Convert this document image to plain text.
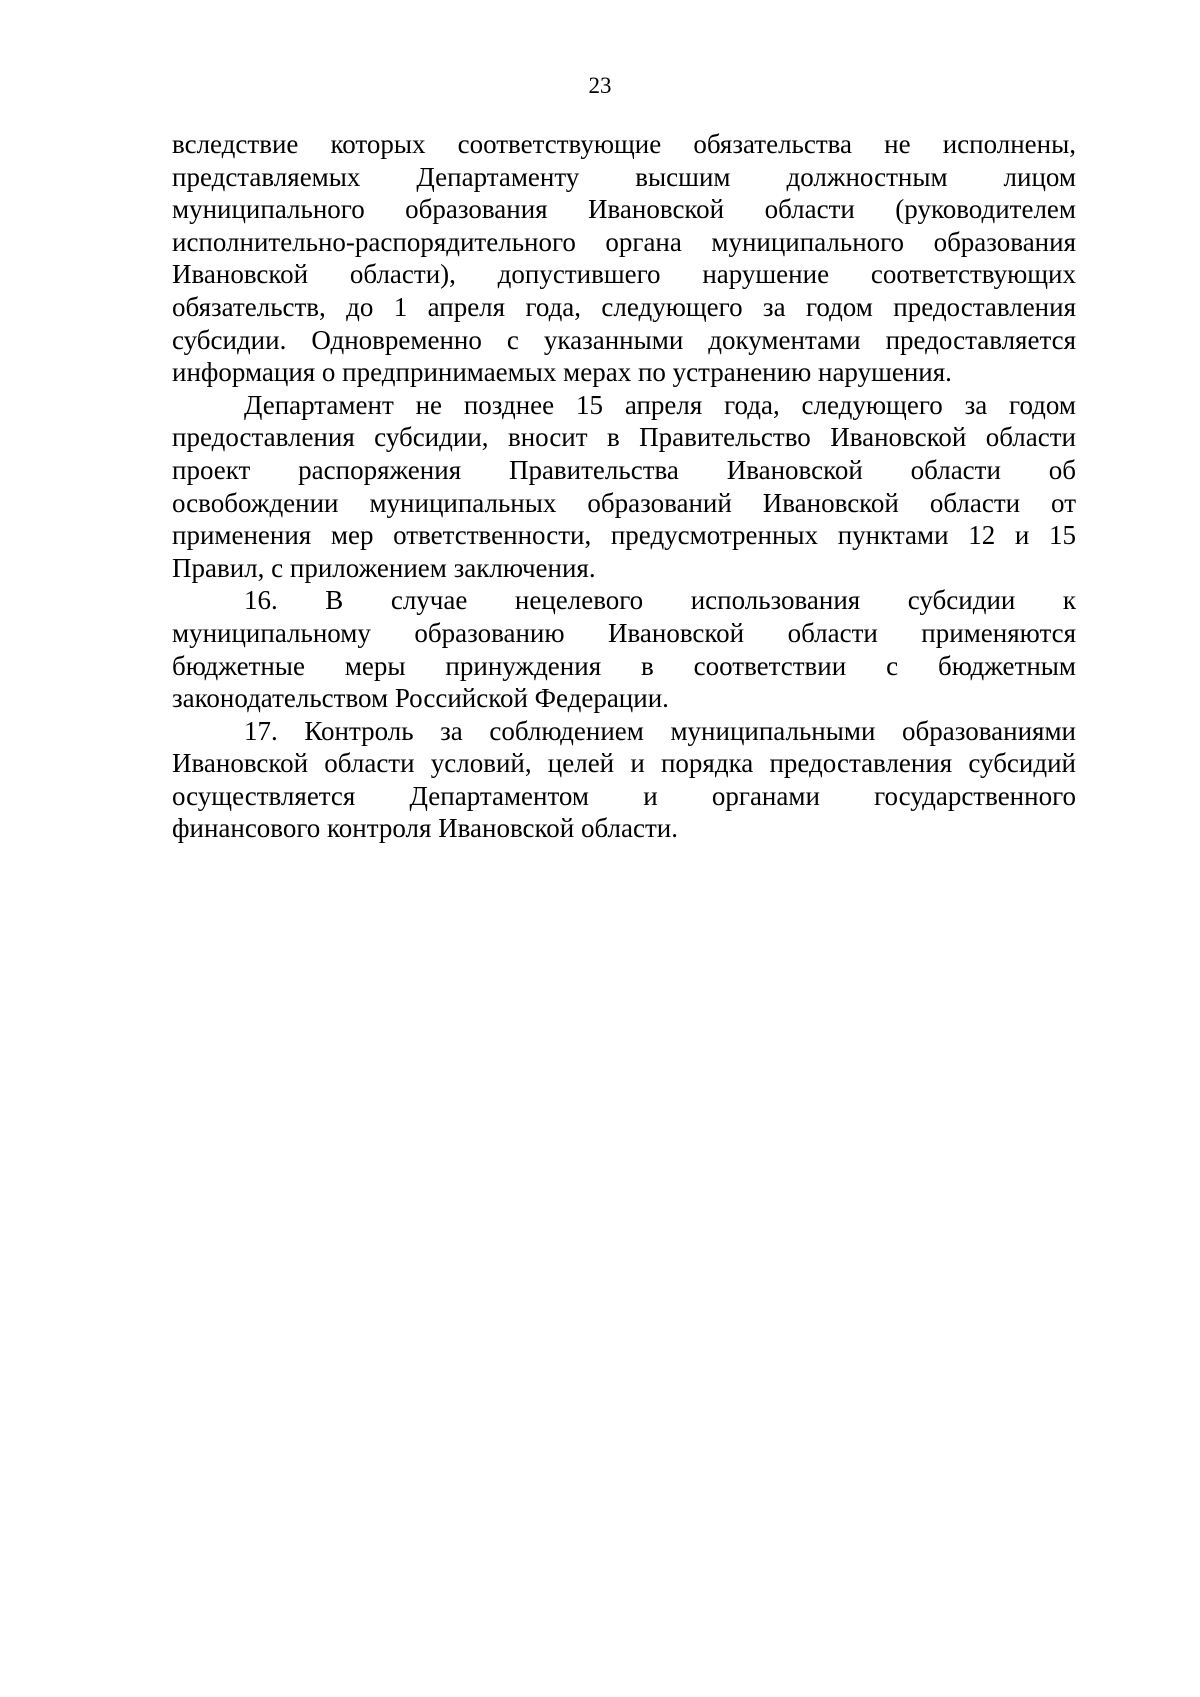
23

вследствие которых соответствующие обязательства не исполнены,
представляемых Департаменту высшим должностным лицом
муниципального образования Ивановской области (руководителем
исполнительно-распорядительного органа муниципального образования
Ивановской области), допустившего нарушение соответствующих
обязательств, до 1 апреля года, следующего за годом предоставления
субсидии. Одновременно с указанными документами предоставляется
информация о предпринимаемых мерах по устранению нарушения.

Департамент не позднее 15 апреля года, следующего за годом
предоставления субсидии, вносит в Правительство Ивановской области
проект распоряжения Правительства Ивановской области об
освобождении муниципальных образований Ивановской области от
применения мер ответственности, предусмотренных пунктами 12 и 15
Правил, с приложением заключения.

16. В случае нецелевого использования субсидии к
муниципальному образованию Ивановской области применяются
бюджетные меры принуждения в соответствии с бюджетным
законодательством Российской Федерации.

17. Контроль за соблюдением муниципальными образованиями
Ивановской области условий, целей и порядка предоставления субсидий
осуществляется Департаментом и органами государственного
финансового контроля Ивановской области.
